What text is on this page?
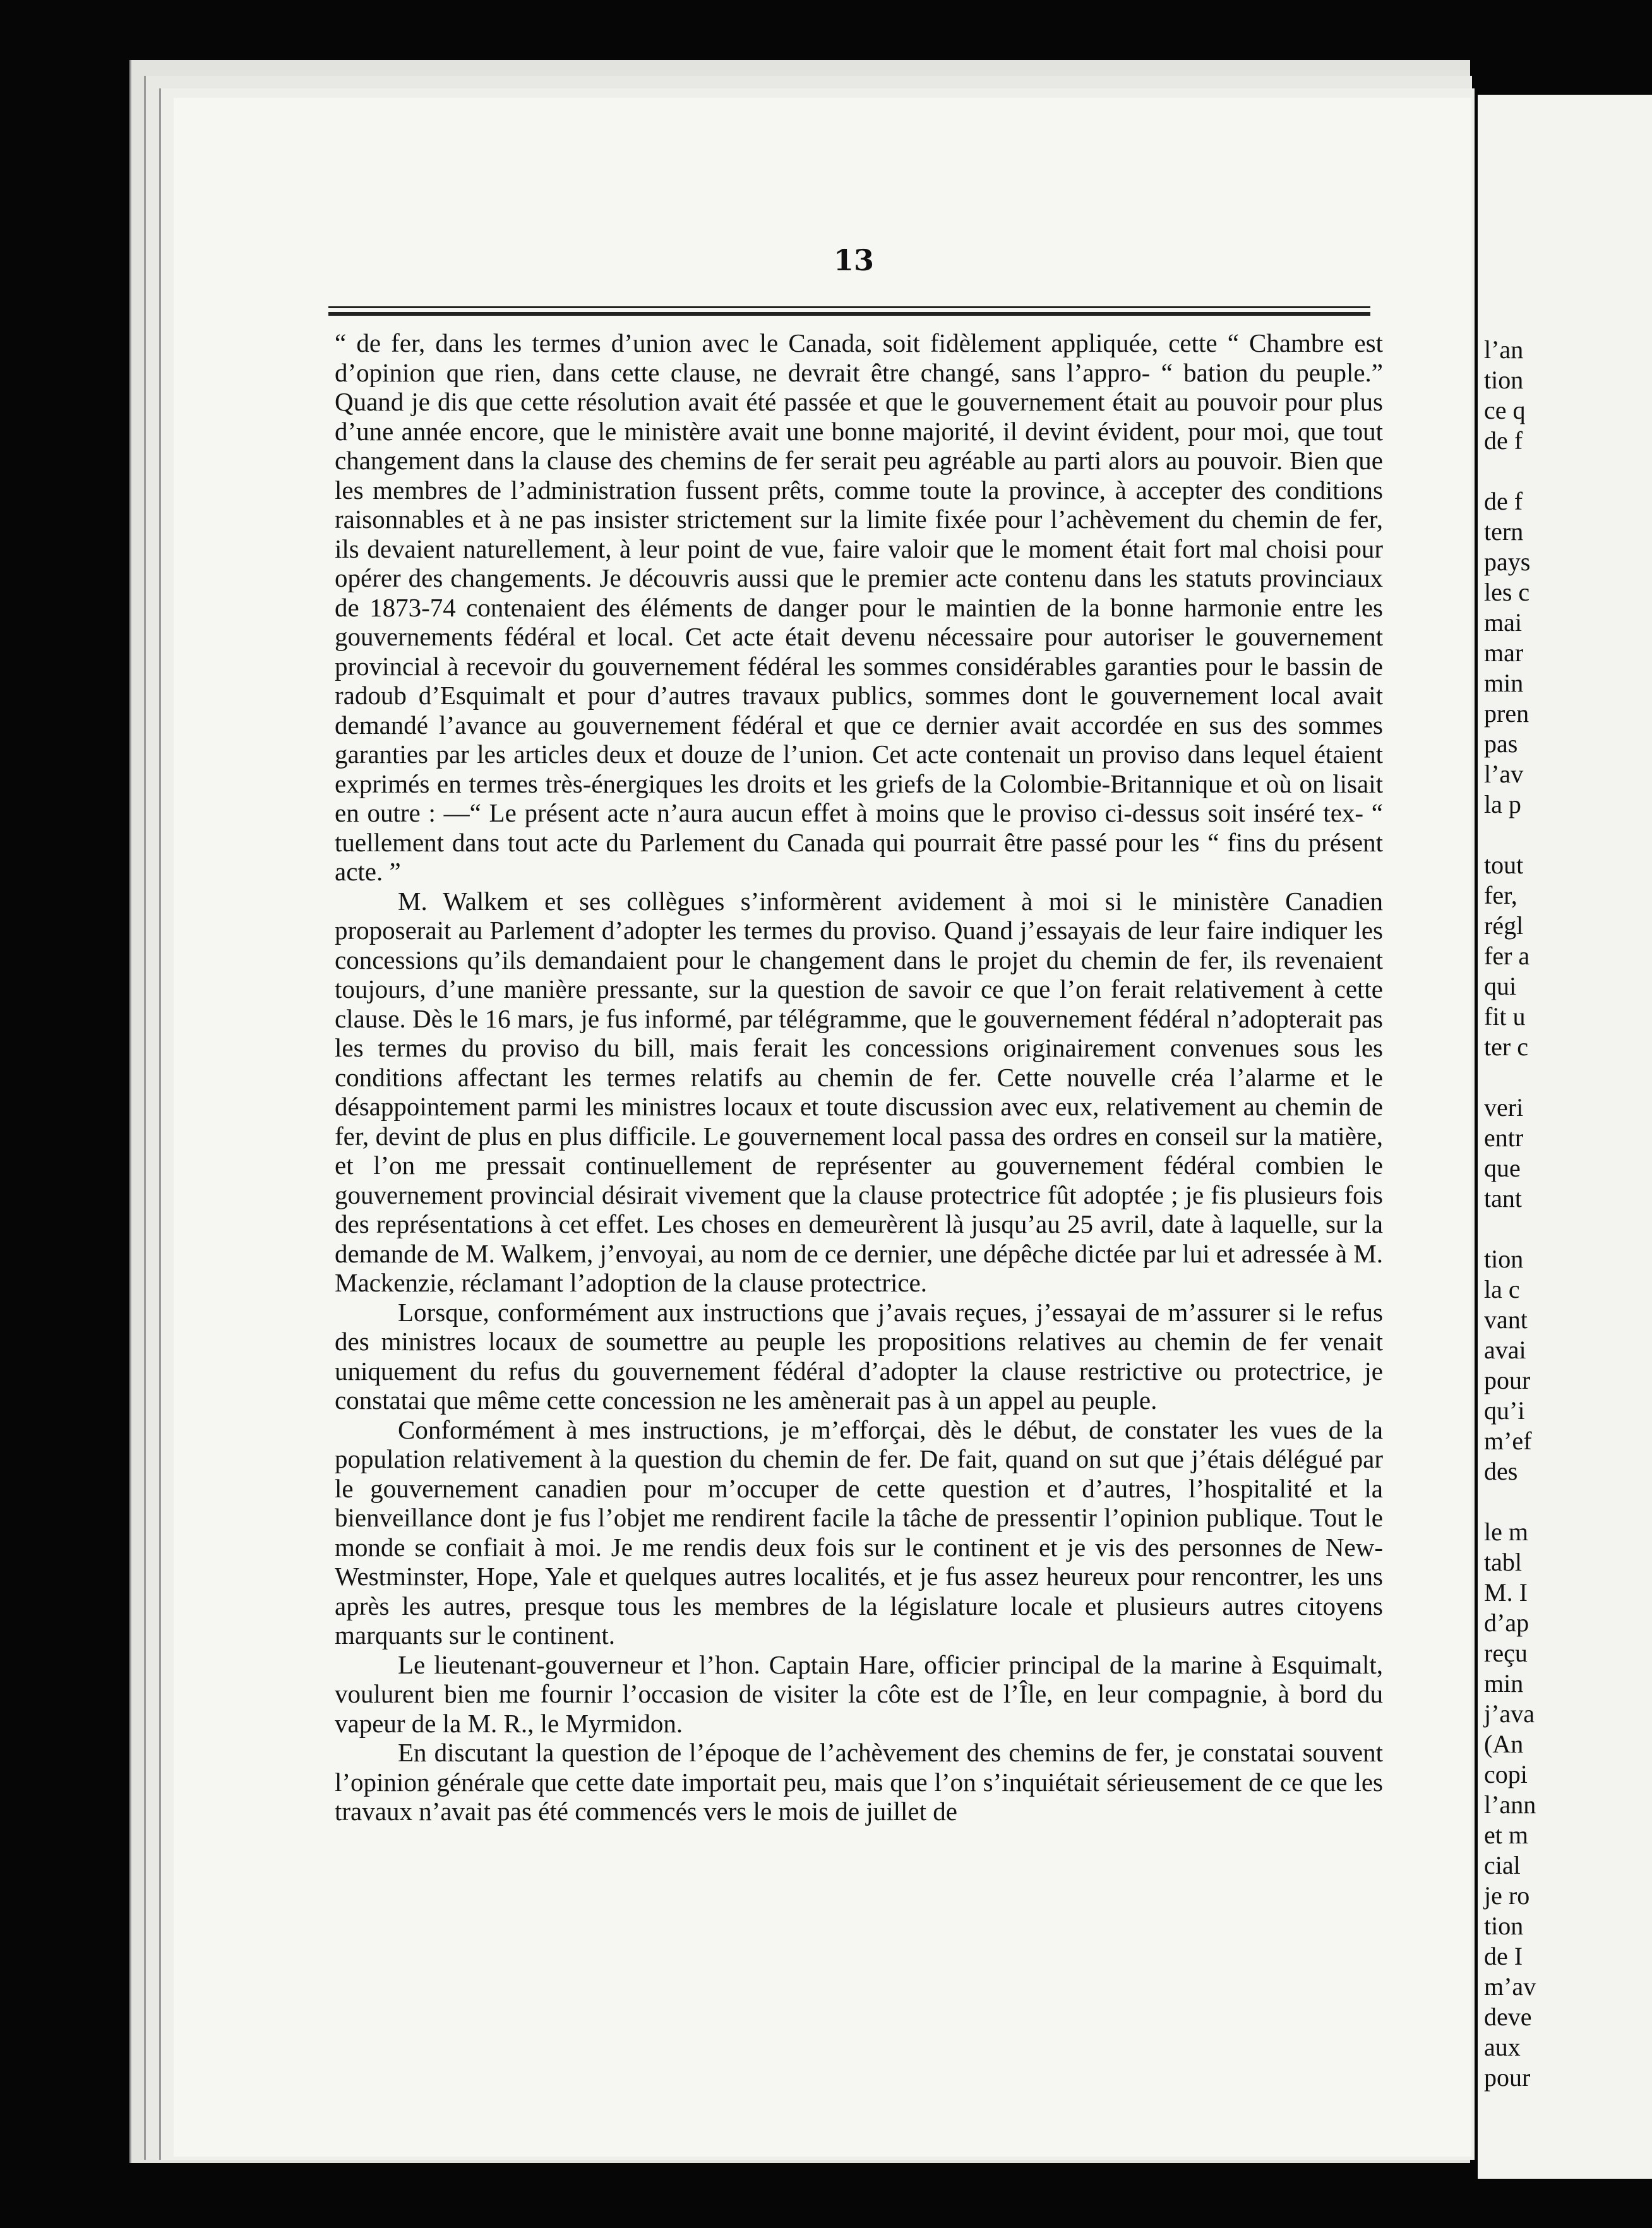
l’an
tion
ce q
de f
de f
tern
pays
les c
mai
mar
min
pren
pas
l’av
la p
tout
fer,
régl
fer a
qui
fit u
ter c
veri
entr
que
tant
tion
la c
vant
avai
pour
qu’i
m’ef
des
le m
tabl
M. I
d’ap
reçu
min
j’ava
(An
copi
l’ann
et m
cial
je ro
tion
de I
m’av
deve
aux
pour
13

“ de fer, dans les termes d’union avec le Canada, soit fidèlement appliquée, cette “ Chambre est d’opinion que rien, dans cette clause, ne devrait être changé, sans l’appro- “ bation du peuple.” Quand je dis que cette résolution avait été passée et que le gouvernement était au pouvoir pour plus d’une année encore, que le ministère avait une bonne majorité, il devint évident, pour moi, que tout changement dans la clause des chemins de fer serait peu agréable au parti alors au pouvoir. Bien que les membres de l’administration fussent prêts, comme toute la province, à accepter des conditions raisonnables et à ne pas insister strictement sur la limite fixée pour l’achèvement du chemin de fer, ils devaient naturellement, à leur point de vue, faire valoir que le moment était fort mal choisi pour opérer des changements. Je découvris aussi que le premier acte contenu dans les statuts provinciaux de 1873-74 contenaient des éléments de danger pour le maintien de la bonne harmonie entre les gouvernements fédéral et local. Cet acte était devenu nécessaire pour autoriser le gouvernement provincial à recevoir du gouvernement fédéral les sommes considérables garanties pour le bassin de radoub d’Esquimalt et pour d’autres travaux publics, sommes dont le gouvernement local avait demandé l’avance au gouvernement fédéral et que ce dernier avait accordée en sus des sommes garanties par les articles deux et douze de l’union. Cet acte contenait un proviso dans lequel étaient exprimés en termes très-énergiques les droits et les griefs de la Colombie-Britannique et où on lisait en outre : —“ Le présent acte n’aura aucun effet à moins que le proviso ci-dessus soit inséré tex- “ tuellement dans tout acte du Parlement du Canada qui pourrait être passé pour les “ fins du présent acte. ”

M. Walkem et ses collègues s’informèrent avidement à moi si le ministère Canadien proposerait au Parlement d’adopter les termes du proviso. Quand j’essayais de leur faire indiquer les concessions qu’ils demandaient pour le changement dans le projet du chemin de fer, ils revenaient toujours, d’une manière pressante, sur la question de savoir ce que l’on ferait relativement à cette clause. Dès le 16 mars, je fus informé, par télégramme, que le gouvernement fédéral n’adopterait pas les termes du proviso du bill, mais ferait les concessions originairement convenues sous les conditions affectant les termes relatifs au chemin de fer. Cette nouvelle créa l’alarme et le désappointement parmi les ministres locaux et toute discussion avec eux, relativement au chemin de fer, devint de plus en plus difficile. Le gouvernement local passa des ordres en conseil sur la matière, et l’on me pressait continuellement de représenter au gouvernement fédéral combien le gouvernement provincial désirait vivement que la clause protectrice fût adoptée ; je fis plusieurs fois des représentations à cet effet. Les choses en demeurèrent là jusqu’au 25 avril, date à laquelle, sur la demande de M. Walkem, j’envoyai, au nom de ce dernier, une dépêche dictée par lui et adressée à M. Mackenzie, réclamant l’adoption de la clause protectrice.

Lorsque, conformément aux instructions que j’avais reçues, j’essayai de m’assurer si le refus des ministres locaux de soumettre au peuple les propositions relatives au chemin de fer venait uniquement du refus du gouvernement fédéral d’adopter la clause restrictive ou protectrice, je constatai que même cette concession ne les amènerait pas à un appel au peuple.

Conformément à mes instructions, je m’efforçai, dès le début, de constater les vues de la population relativement à la question du chemin de fer. De fait, quand on sut que j’étais délégué par le gouvernement canadien pour m’occuper de cette question et d’autres, l’hospitalité et la bienveillance dont je fus l’objet me rendirent facile la tâche de pressentir l’opinion publique. Tout le monde se confiait à moi. Je me rendis deux fois sur le continent et je vis des personnes de New-Westminster, Hope, Yale et quelques autres localités, et je fus assez heureux pour rencontrer, les uns après les autres, presque tous les membres de la législature locale et plusieurs autres citoyens marquants sur le continent.

Le lieutenant-gouverneur et l’hon. Captain Hare, officier principal de la marine à Esquimalt, voulurent bien me fournir l’occasion de visiter la côte est de l’Île, en leur compagnie, à bord du vapeur de la M. R., le Myrmidon.

En discutant la question de l’époque de l’achèvement des chemins de fer, je constatai souvent l’opinion générale que cette date importait peu, mais que l’on s’inquiétait sérieusement de ce que les travaux n’avait pas été commencés vers le mois de juillet de
